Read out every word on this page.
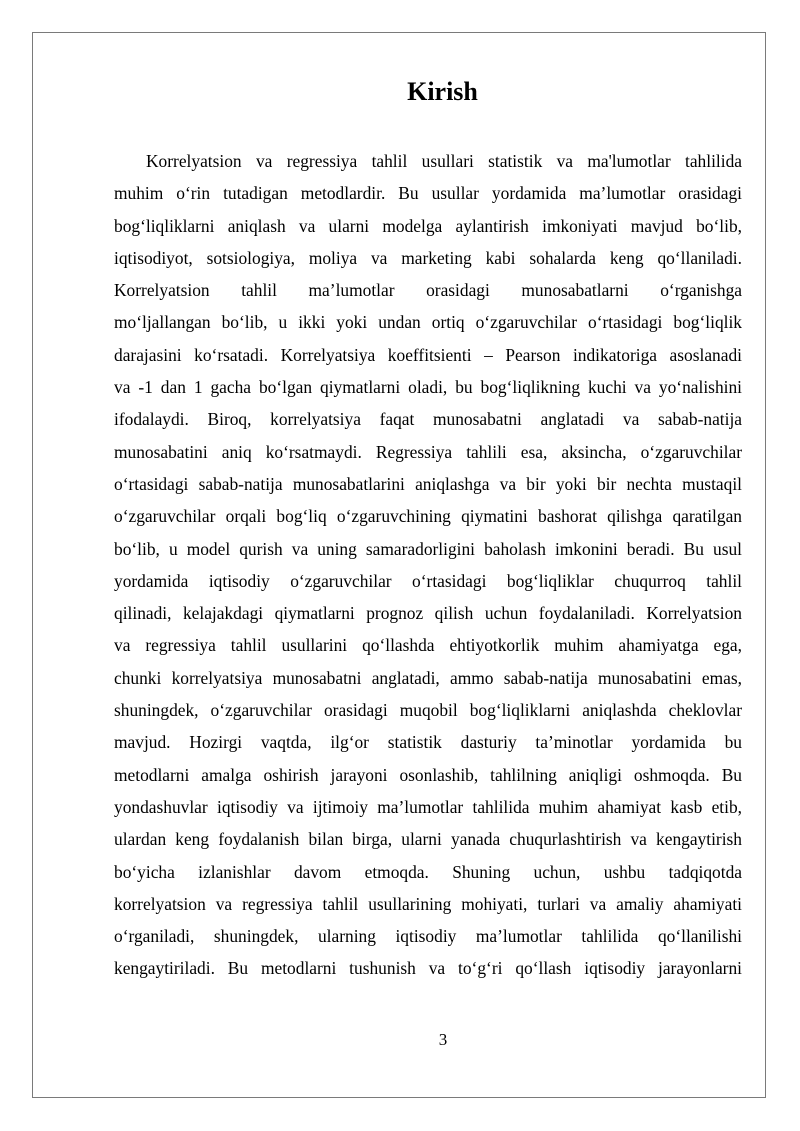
Kirish
Korrelyatsion va regressiya tahlil usullari statistik va ma'lumotlar tahlilida
muhim o‘rin tutadigan metodlardir. Bu usullar yordamida ma’lumotlar orasidagi
bog‘liqliklarni aniqlash va ularni modelga aylantirish imkoniyati mavjud bo‘lib,
iqtisodiyot, sotsiologiya, moliya va marketing kabi sohalarda keng qo‘llaniladi.
Korrelyatsion tahlil ma’lumotlar orasidagi munosabatlarni o‘rganishga
mo‘ljallangan bo‘lib, u ikki yoki undan ortiq o‘zgaruvchilar o‘rtasidagi bog‘liqlik
darajasini ko‘rsatadi. Korrelyatsiya koeffitsienti – Pearson indikatoriga asoslanadi
va -1 dan 1 gacha bo‘lgan qiymatlarni oladi, bu bog‘liqlikning kuchi va yo‘nalishini
ifodalaydi. Biroq, korrelyatsiya faqat munosabatni anglatadi va sabab-natija
munosabatini aniq ko‘rsatmaydi. Regressiya tahlili esa, aksincha, o‘zgaruvchilar
o‘rtasidagi sabab-natija munosabatlarini aniqlashga va bir yoki bir nechta mustaqil
o‘zgaruvchilar orqali bog‘liq o‘zgaruvchining qiymatini bashorat qilishga qaratilgan
bo‘lib, u model qurish va uning samaradorligini baholash imkonini beradi. Bu usul
yordamida iqtisodiy o‘zgaruvchilar o‘rtasidagi bog‘liqliklar chuqurroq tahlil
qilinadi, kelajakdagi qiymatlarni prognoz qilish uchun foydalaniladi. Korrelyatsion
va regressiya tahlil usullarini qo‘llashda ehtiyotkorlik muhim ahamiyatga ega,
chunki korrelyatsiya munosabatni anglatadi, ammo sabab-natija munosabatini emas,
shuningdek, o‘zgaruvchilar orasidagi muqobil bog‘liqliklarni aniqlashda cheklovlar
mavjud. Hozirgi vaqtda, ilg‘or statistik dasturiy ta’minotlar yordamida bu
metodlarni amalga oshirish jarayoni osonlashib, tahlilning aniqligi oshmoqda. Bu
yondashuvlar iqtisodiy va ijtimoiy ma’lumotlar tahlilida muhim ahamiyat kasb etib,
ulardan keng foydalanish bilan birga, ularni yanada chuqurlashtirish va kengaytirish
bo‘yicha izlanishlar davom etmoqda. Shuning uchun, ushbu tadqiqotda
korrelyatsion va regressiya tahlil usullarining mohiyati, turlari va amaliy ahamiyati
o‘rganiladi, shuningdek, ularning iqtisodiy ma’lumotlar tahlilida qo‘llanilishi
kengaytiriladi. Bu metodlarni tushunish va to‘g‘ri qo‘llash iqtisodiy jarayonlarni
3
